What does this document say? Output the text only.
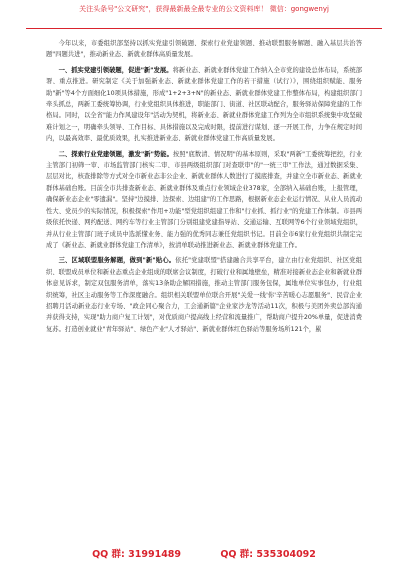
关注头条号"公文研究"，获得最新最全最专业的公文资料库！ 微信：gongwenyj

今年以来，市委组织部坚持以抓实党建引领破题、探索行业党建领题、推动联盟服务解题、融入基层共治答题"四题共进"，推动新业态、新就业群体高质量发展。

一、抓实党建引领破题，促进"新"发展。将新业态、新就业群体党建工作纳入全市党的建设总体布局，系统部署、重点推进。研究制定《关于加强新业态、新就业群体党建工作的若干措施（试行）》，围绕组织赋能、服务助"新"等4个方面细化10项具体措施，形成"1+2+3+N"的新业态、新就业群体党建工作整体布局，构建组织部门牵头抓总，两新工委统筹协调，行业党组织具体推进，职能部门、街道、社区联动配合，服务驿站保障党建的工作格局。同时，以全省"能力作风建设年"活动为契机，将新业态、新就业群体党建工作列为全市组织系统集中攻坚破难计划之一，明确牵头领导、工作目标、具体措施以及完成时限，提前进行谋划、逐一开展工作，力争在规定时间内，以最高效率、最优质效果，扎实推进新业态、新就业群体党建工作高质量发展。

二、探索行业党建领题，激发"新"势能。按照"底数清、情况明"的基本原则，采取"两新"工委统筹把控，行业主管部门初筛一审、市场监管部门核实二审、市县两级组织部门对查联审"的"一统三审"工作法，通过数据采集、层层对比，核查排除等方式对全市新业态非公企业、新就业群体人数进行了摸底排查，并建立全市新业态、新就业群体基础台账。目前全市共排查新业态、新就业群体及重点行业领域企业378家，全部纳入基础台账，上报管理，确保新业态企业"零遗漏"。坚持"边摸排、边探索、边组建"的工作思路，根据新业态企业运行情况、从业人员流动性大、党员少的实际情况，积极探索"作用+功能"型党组织组建工作和"行业抓、抓行业"的党建工作体制。市县两级依托快递、网约配送、网约车等行业主管部门分别组建党建指导站、交通运输、互联网等6个行业领域党组织，并从行业主管部门班子成员中选派懂业务、能力强的优秀同志兼任党组织书记。目前全市6家行业党组织共制定完成了《新业态、新就业群体党建工作清单》，按清单联动推进新业态、新就业群体党建工作。

三、区域联盟服务解题，做到"新"贴心。依托"党建联盟"搭建融合共享平台，建立由行业党组织、社区党组织、联盟成员单位和新业态重点企业组成的联席会议制度，打破行业和属地壁垒，精准对接新业态企业和新就业群体意见诉求，制定双包服务清单，落实13条助企解困措施，推动主管部门服务包保，属地单位实事包办，行业组织统筹，社区主动服务等工作深度融合。组织相关联盟单位联合开展"关爱一线'你'辛苦暖心志愿服务"、民营企业招聘月活动新业态行业专场、"政企同心聚合力，工会通新篇"企业家沙龙等活动11次，积极与美团外卖总部沟通并获得支持，实现"助力商户复工计划"，对优质商户提高线上经营和流量推广，帮助商户提升20%单量，促进消费复苏。打造创业就业"青年驿站"、绿色产业"人才驿站"、新就业群体红色驿站等服务场所121个，累

QQ 群: 31991489	QQ 群: 535304092
